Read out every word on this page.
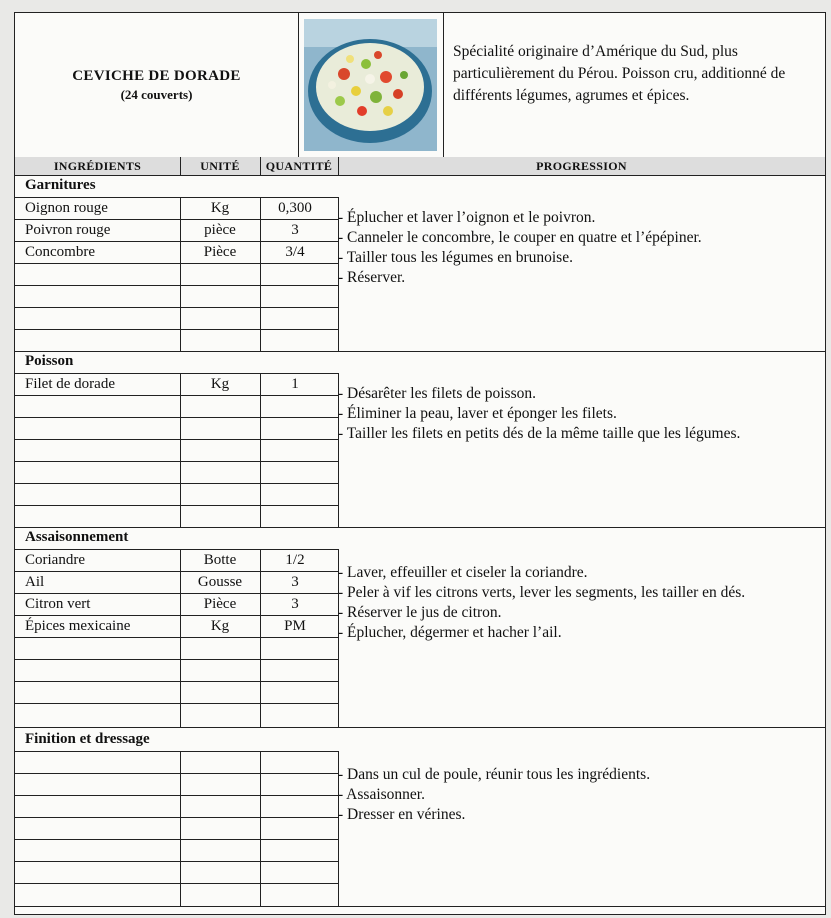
CEVICHE DE DORADE
(24 couverts)
Spécialité originaire d’Amérique du Sud, plus particulièrement du Pérou. Poisson cru, additionné de différents légumes, agrumes et épices.
INGRÉDIENTS	UNITÉ	QUANTITÉ	PROGRESSION
Garnitures
Oignon rouge	Kg	0,300
Poivron rouge	pièce	3
Concombre	Pièce	3/4
- Éplucher et laver l’oignon et le poivron.
- Canneler le concombre, le couper en quatre et l’épépiner.
- Tailler tous les légumes en brunoise.
- Réserver.
Poisson
Filet de dorade	Kg	1
- Désarêter les filets de poisson.
- Éliminer la peau, laver et éponger les filets.
- Tailler les filets en petits dés de la même taille que les légumes.
Assaisonnement
Coriandre	Botte	1/2
Ail	Gousse	3
Citron vert	Pièce	3
Épices mexicaine	Kg	PM
- Laver, effeuiller et ciseler la coriandre.
- Peler à vif les citrons verts, lever les segments, les tailler en dés.
- Réserver le jus de citron.
- Éplucher, dégermer et hacher l’ail.
Finition et dressage
- Dans un cul de poule, réunir tous les ingrédients.
- Assaisonner.
- Dresser en vérines.
